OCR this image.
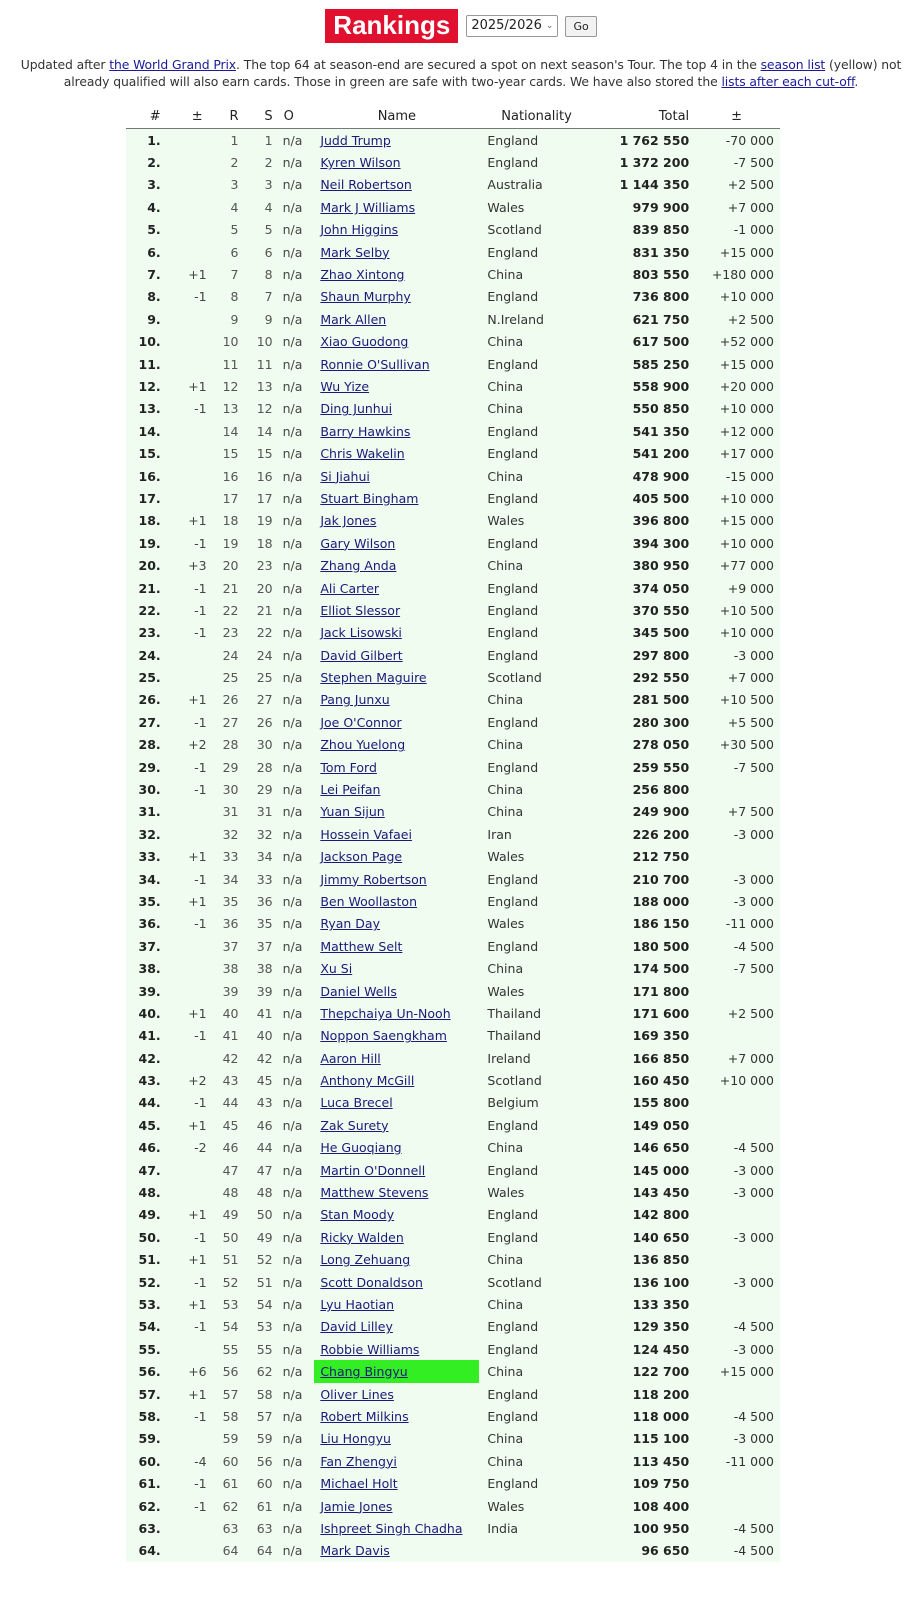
Rankings	2025/2026 ⌄	Go
Updated after the World Grand Prix. The top 64 at season-end are secured a spot on next season's Tour. The top 4 in the season list (yellow) not already qualified will also earn cards. Those in green are safe with two-year cards. We have also stored the lists after each cut-off.
#	±	R	S	O	Name	Nationality	Total	±
1.		1	1	n/a	Judd Trump	England	1 762 550	-70 000
2.		2	2	n/a	Kyren Wilson	England	1 372 200	-7 500
3.		3	3	n/a	Neil Robertson	Australia	1 144 350	+2 500
4.		4	4	n/a	Mark J Williams	Wales	979 900	+7 000
5.		5	5	n/a	John Higgins	Scotland	839 850	-1 000
6.		6	6	n/a	Mark Selby	England	831 350	+15 000
7.	+1	7	8	n/a	Zhao Xintong	China	803 550	+180 000
8.	-1	8	7	n/a	Shaun Murphy	England	736 800	+10 000
9.		9	9	n/a	Mark Allen	N.Ireland	621 750	+2 500
10.		10	10	n/a	Xiao Guodong	China	617 500	+52 000
11.		11	11	n/a	Ronnie O'Sullivan	England	585 250	+15 000
12.	+1	12	13	n/a	Wu Yize	China	558 900	+20 000
13.	-1	13	12	n/a	Ding Junhui	China	550 850	+10 000
14.		14	14	n/a	Barry Hawkins	England	541 350	+12 000
15.		15	15	n/a	Chris Wakelin	England	541 200	+17 000
16.		16	16	n/a	Si Jiahui	China	478 900	-15 000
17.		17	17	n/a	Stuart Bingham	England	405 500	+10 000
18.	+1	18	19	n/a	Jak Jones	Wales	396 800	+15 000
19.	-1	19	18	n/a	Gary Wilson	England	394 300	+10 000
20.	+3	20	23	n/a	Zhang Anda	China	380 950	+77 000
21.	-1	21	20	n/a	Ali Carter	England	374 050	+9 000
22.	-1	22	21	n/a	Elliot Slessor	England	370 550	+10 500
23.	-1	23	22	n/a	Jack Lisowski	England	345 500	+10 000
24.		24	24	n/a	David Gilbert	England	297 800	-3 000
25.		25	25	n/a	Stephen Maguire	Scotland	292 550	+7 000
26.	+1	26	27	n/a	Pang Junxu	China	281 500	+10 500
27.	-1	27	26	n/a	Joe O'Connor	England	280 300	+5 500
28.	+2	28	30	n/a	Zhou Yuelong	China	278 050	+30 500
29.	-1	29	28	n/a	Tom Ford	England	259 550	-7 500
30.	-1	30	29	n/a	Lei Peifan	China	256 800	
31.		31	31	n/a	Yuan Sijun	China	249 900	+7 500
32.		32	32	n/a	Hossein Vafaei	Iran	226 200	-3 000
33.	+1	33	34	n/a	Jackson Page	Wales	212 750	
34.	-1	34	33	n/a	Jimmy Robertson	England	210 700	-3 000
35.	+1	35	36	n/a	Ben Woollaston	England	188 000	-3 000
36.	-1	36	35	n/a	Ryan Day	Wales	186 150	-11 000
37.		37	37	n/a	Matthew Selt	England	180 500	-4 500
38.		38	38	n/a	Xu Si	China	174 500	-7 500
39.		39	39	n/a	Daniel Wells	Wales	171 800	
40.	+1	40	41	n/a	Thepchaiya Un-Nooh	Thailand	171 600	+2 500
41.	-1	41	40	n/a	Noppon Saengkham	Thailand	169 350	
42.		42	42	n/a	Aaron Hill	Ireland	166 850	+7 000
43.	+2	43	45	n/a	Anthony McGill	Scotland	160 450	+10 000
44.	-1	44	43	n/a	Luca Brecel	Belgium	155 800	
45.	+1	45	46	n/a	Zak Surety	England	149 050	
46.	-2	46	44	n/a	He Guoqiang	China	146 650	-4 500
47.		47	47	n/a	Martin O'Donnell	England	145 000	-3 000
48.		48	48	n/a	Matthew Stevens	Wales	143 450	-3 000
49.	+1	49	50	n/a	Stan Moody	England	142 800	
50.	-1	50	49	n/a	Ricky Walden	England	140 650	-3 000
51.	+1	51	52	n/a	Long Zehuang	China	136 850	
52.	-1	52	51	n/a	Scott Donaldson	Scotland	136 100	-3 000
53.	+1	53	54	n/a	Lyu Haotian	China	133 350	
54.	-1	54	53	n/a	David Lilley	England	129 350	-4 500
55.		55	55	n/a	Robbie Williams	England	124 450	-3 000
56.	+6	56	62	n/a	Chang Bingyu	China	122 700	+15 000
57.	+1	57	58	n/a	Oliver Lines	England	118 200	
58.	-1	58	57	n/a	Robert Milkins	England	118 000	-4 500
59.		59	59	n/a	Liu Hongyu	China	115 100	-3 000
60.	-4	60	56	n/a	Fan Zhengyi	China	113 450	-11 000
61.	-1	61	60	n/a	Michael Holt	England	109 750	
62.	-1	62	61	n/a	Jamie Jones	Wales	108 400	
63.		63	63	n/a	Ishpreet Singh Chadha	India	100 950	-4 500
64.		64	64	n/a	Mark Davis		96 650	-4 500
